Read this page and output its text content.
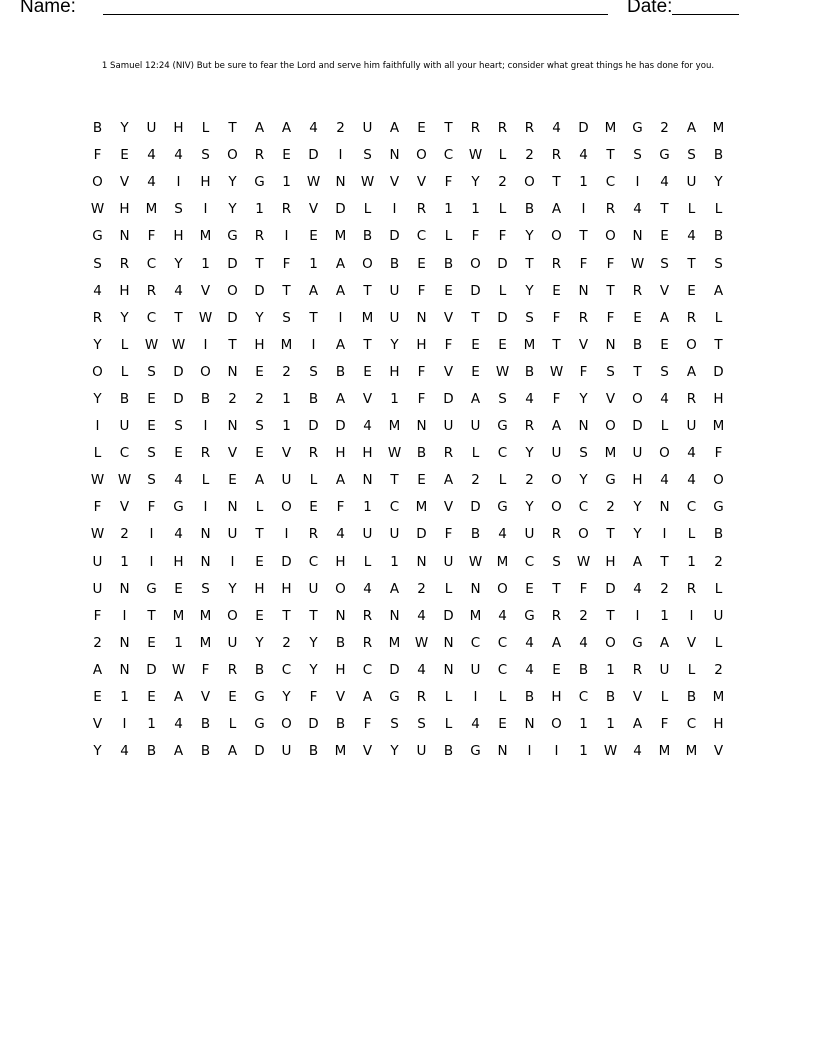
Name:	Date:
1 Samuel 12:24 (NIV) But be sure to fear the Lord and serve him faithfully with all your heart; consider what great things he has done for you.
B	Y	U	H	L	T	A	A	4	2	U	A	E	T	R	R	R	4	D	M	G	2	A	M
F	E	4	4	S	O	R	E	D	I	S	N	O	C	W	L	2	R	4	T	S	G	S	B
O	V	4	I	H	Y	G	1	W	N	W	V	V	F	Y	2	O	T	1	C	I	4	U	Y
W	H	M	S	I	Y	1	R	V	D	L	I	R	1	1	L	B	A	I	R	4	T	L	L
G	N	F	H	M	G	R	I	E	M	B	D	C	L	F	F	Y	O	T	O	N	E	4	B
S	R	C	Y	1	D	T	F	1	A	O	B	E	B	O	D	T	R	F	F	W	S	T	S
4	H	R	4	V	O	D	T	A	A	T	U	F	E	D	L	Y	E	N	T	R	V	E	A
R	Y	C	T	W	D	Y	S	T	I	M	U	N	V	T	D	S	F	R	F	E	A	R	L
Y	L	W	W	I	T	H	M	I	A	T	Y	H	F	E	E	M	T	V	N	B	E	O	T
O	L	S	D	O	N	E	2	S	B	E	H	F	V	E	W	B	W	F	S	T	S	A	D
Y	B	E	D	B	2	2	1	B	A	V	1	F	D	A	S	4	F	Y	V	O	4	R	H
I	U	E	S	I	N	S	1	D	D	4	M	N	U	U	G	R	A	N	O	D	L	U	M
L	C	S	E	R	V	E	V	R	H	H	W	B	R	L	C	Y	U	S	M	U	O	4	F
W	W	S	4	L	E	A	U	L	A	N	T	E	A	2	L	2	O	Y	G	H	4	4	O
F	V	F	G	I	N	L	O	E	F	1	C	M	V	D	G	Y	O	C	2	Y	N	C	G
W	2	I	4	N	U	T	I	R	4	U	U	D	F	B	4	U	R	O	T	Y	I	L	B
U	1	I	H	N	I	E	D	C	H	L	1	N	U	W	M	C	S	W	H	A	T	1	2
U	N	G	E	S	Y	H	H	U	O	4	A	2	L	N	O	E	T	F	D	4	2	R	L
F	I	T	M	M	O	E	T	T	N	R	N	4	D	M	4	G	R	2	T	I	1	I	U
2	N	E	1	M	U	Y	2	Y	B	R	M	W	N	C	C	4	A	4	O	G	A	V	L
A	N	D	W	F	R	B	C	Y	H	C	D	4	N	U	C	4	E	B	1	R	U	L	2
E	1	E	A	V	E	G	Y	F	V	A	G	R	L	I	L	B	H	C	B	V	L	B	M
V	I	1	4	B	L	G	O	D	B	F	S	S	L	4	E	N	O	1	1	A	F	C	H
Y	4	B	A	B	A	D	U	B	M	V	Y	U	B	G	N	I	I	1	W	4	M	M	V
